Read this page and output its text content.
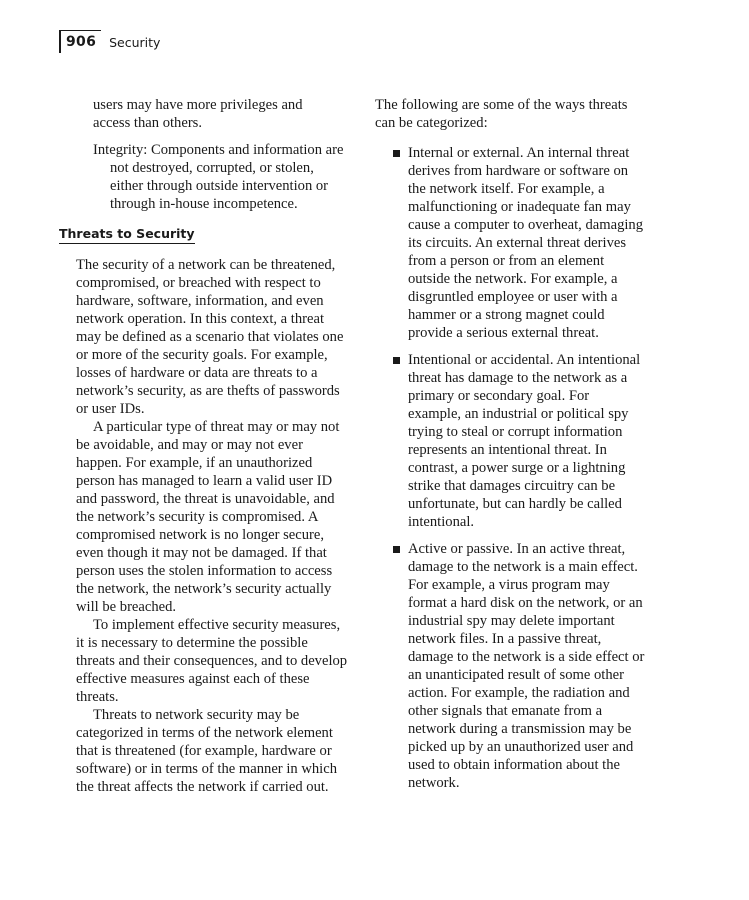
906 Security

users may have more privileges and

access than others.

Integrity: Components and information are not destroyed, corrupted, or stolen, either through outside intervention or through in-house incompetence.

Threats to Security

The security of a network can be threatened, compromised, or breached with respect to hardware, software, information, and even network operation. In this context, a threat may be defined as a scenario that violates one or more of the security goals. For example, losses of hardware or data are threats to a network’s security, as are thefts of passwords or user IDs.

A particular type of threat may or may not be avoidable, and may or may not ever happen. For example, if an unauthorized person has managed to learn a valid user ID and password, the threat is unavoidable, and the network’s security is compromised. A compromised network is no longer secure, even though it may not be damaged. If that person uses the stolen information to access the network, the network’s security actually will be breached.

To implement effective security measures, it is necessary to determine the possible threats and their consequences, and to develop effective measures against each of these threats.

Threats to network security may be categorized in terms of the network element that is threatened (for example, hardware or software) or in terms of the manner in which the threat affects the network if carried out.

The following are some of the ways threats can be categorized:

Internal or external. An internal threat derives from hardware or software on the network itself. For example, a malfunctioning or inadequate fan may cause a computer to overheat, damaging its circuits. An external threat derives from a person or from an element outside the network. For example, a disgruntled employee or user with a hammer or a strong magnet could provide a serious external threat.
Intentional or accidental. An intentional threat has damage to the network as a primary or secondary goal. For example, an industrial or political spy trying to steal or corrupt information represents an intentional threat. In contrast, a power surge or a lightning strike that damages circuitry can be unfortunate, but can hardly be called intentional.
Active or passive. In an active threat, damage to the network is a main effect. For example, a virus program may format a hard disk on the network, or an industrial spy may delete important network files. In a passive threat, damage to the network is a side effect or an unanticipated result of some other action. For example, the radiation and other signals that emanate from a network during a transmission may be picked up by an unauthorized user and used to obtain information about the network.
